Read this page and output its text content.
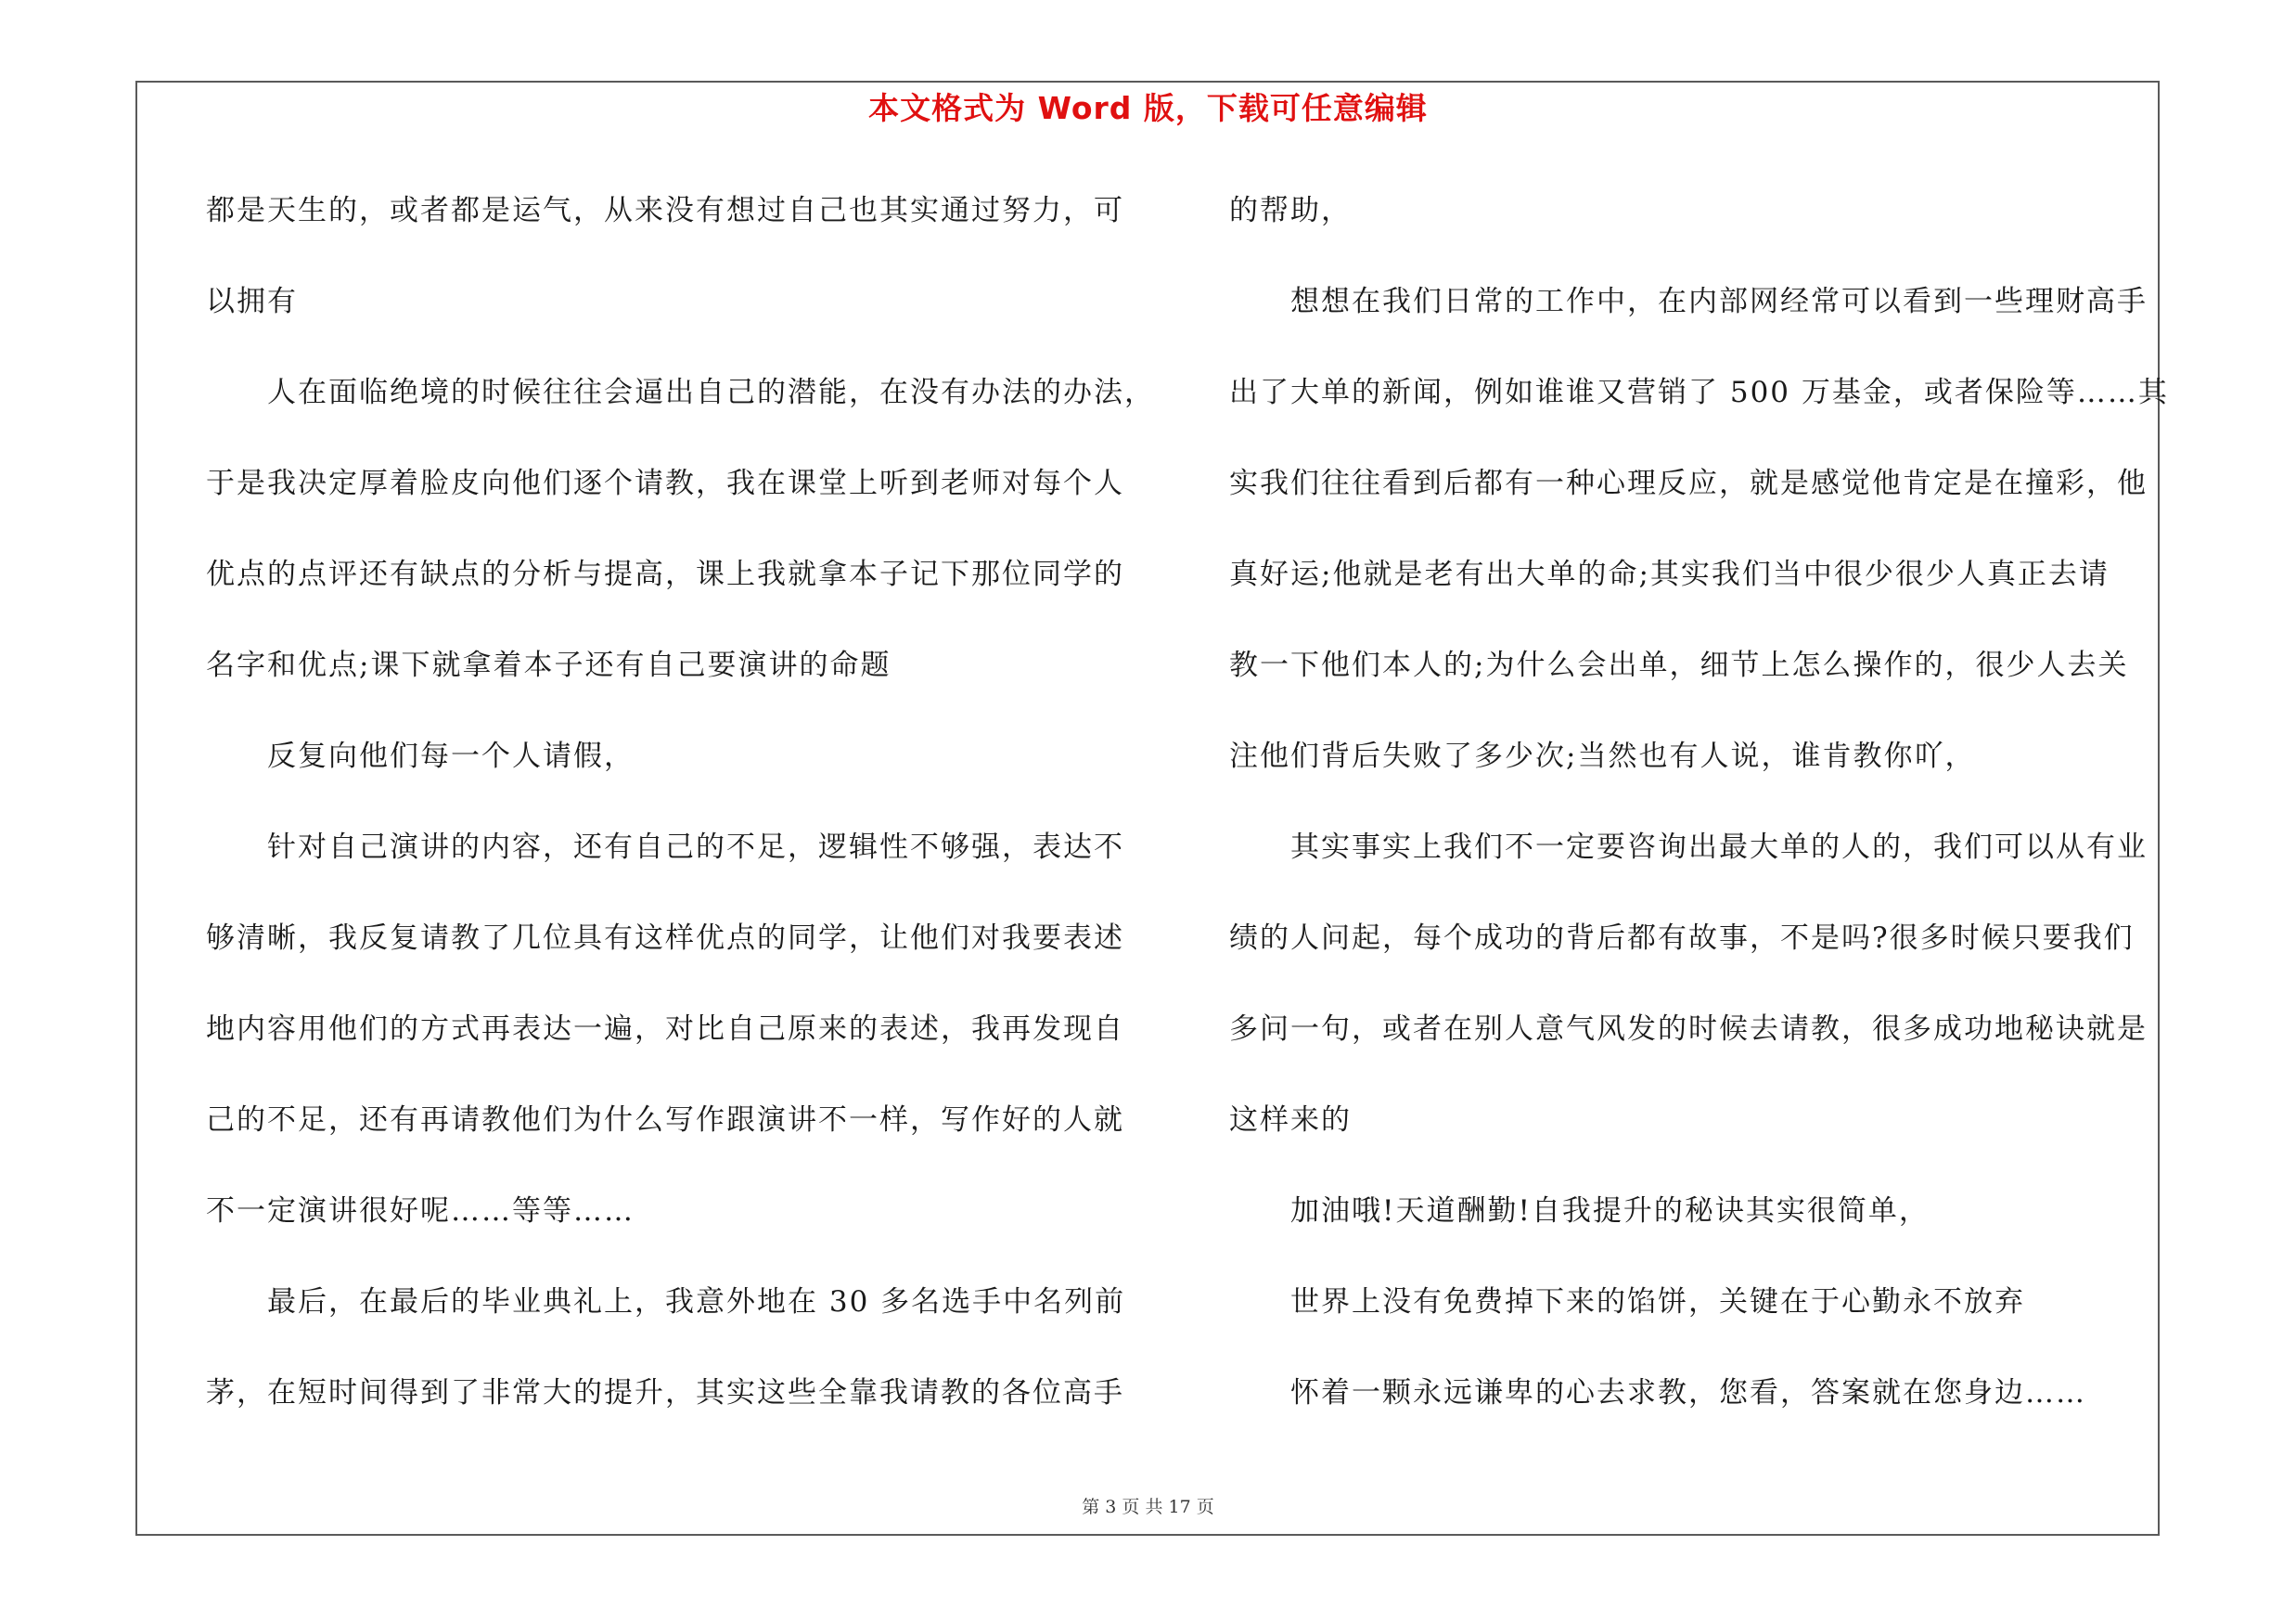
本文格式为 Word 版，下载可任意编辑

都是天生的，或者都是运气，从来没有想过自己也其实通过努力，可

以拥有

人在面临绝境的时候往往会逼出自己的潜能，在没有办法的办法，

于是我决定厚着脸皮向他们逐个请教，我在课堂上听到老师对每个人

优点的点评还有缺点的分析与提高，课上我就拿本子记下那位同学的

名字和优点;课下就拿着本子还有自己要演讲的命题

反复向他们每一个人请假，

针对自己演讲的内容，还有自己的不足，逻辑性不够强，表达不

够清晰，我反复请教了几位具有这样优点的同学，让他们对我要表述

地内容用他们的方式再表达一遍，对比自己原来的表述，我再发现自

己的不足，还有再请教他们为什么写作跟演讲不一样，写作好的人就

不一定演讲很好呢……等等……

最后，在最后的毕业典礼上，我意外地在 30 多名选手中名列前

茅，在短时间得到了非常大的提升，其实这些全靠我请教的各位高手

的帮助，

想想在我们日常的工作中，在内部网经常可以看到一些理财高手

出了大单的新闻，例如谁谁又营销了 500 万基金，或者保险等……其

实我们往往看到后都有一种心理反应，就是感觉他肯定是在撞彩，他

真好运;他就是老有出大单的命;其实我们当中很少很少人真正去请

教一下他们本人的;为什么会出单，细节上怎么操作的，很少人去关

注他们背后失败了多少次;当然也有人说，谁肯教你吖，

其实事实上我们不一定要咨询出最大单的人的，我们可以从有业

绩的人问起，每个成功的背后都有故事，不是吗?很多时候只要我们

多问一句，或者在别人意气风发的时候去请教，很多成功地秘诀就是

这样来的

加油哦!天道酬勤!自我提升的秘诀其实很简单，

世界上没有免费掉下来的馅饼，关键在于心勤永不放弃

怀着一颗永远谦卑的心去求教，您看，答案就在您身边……

第 3 页 共 17 页
